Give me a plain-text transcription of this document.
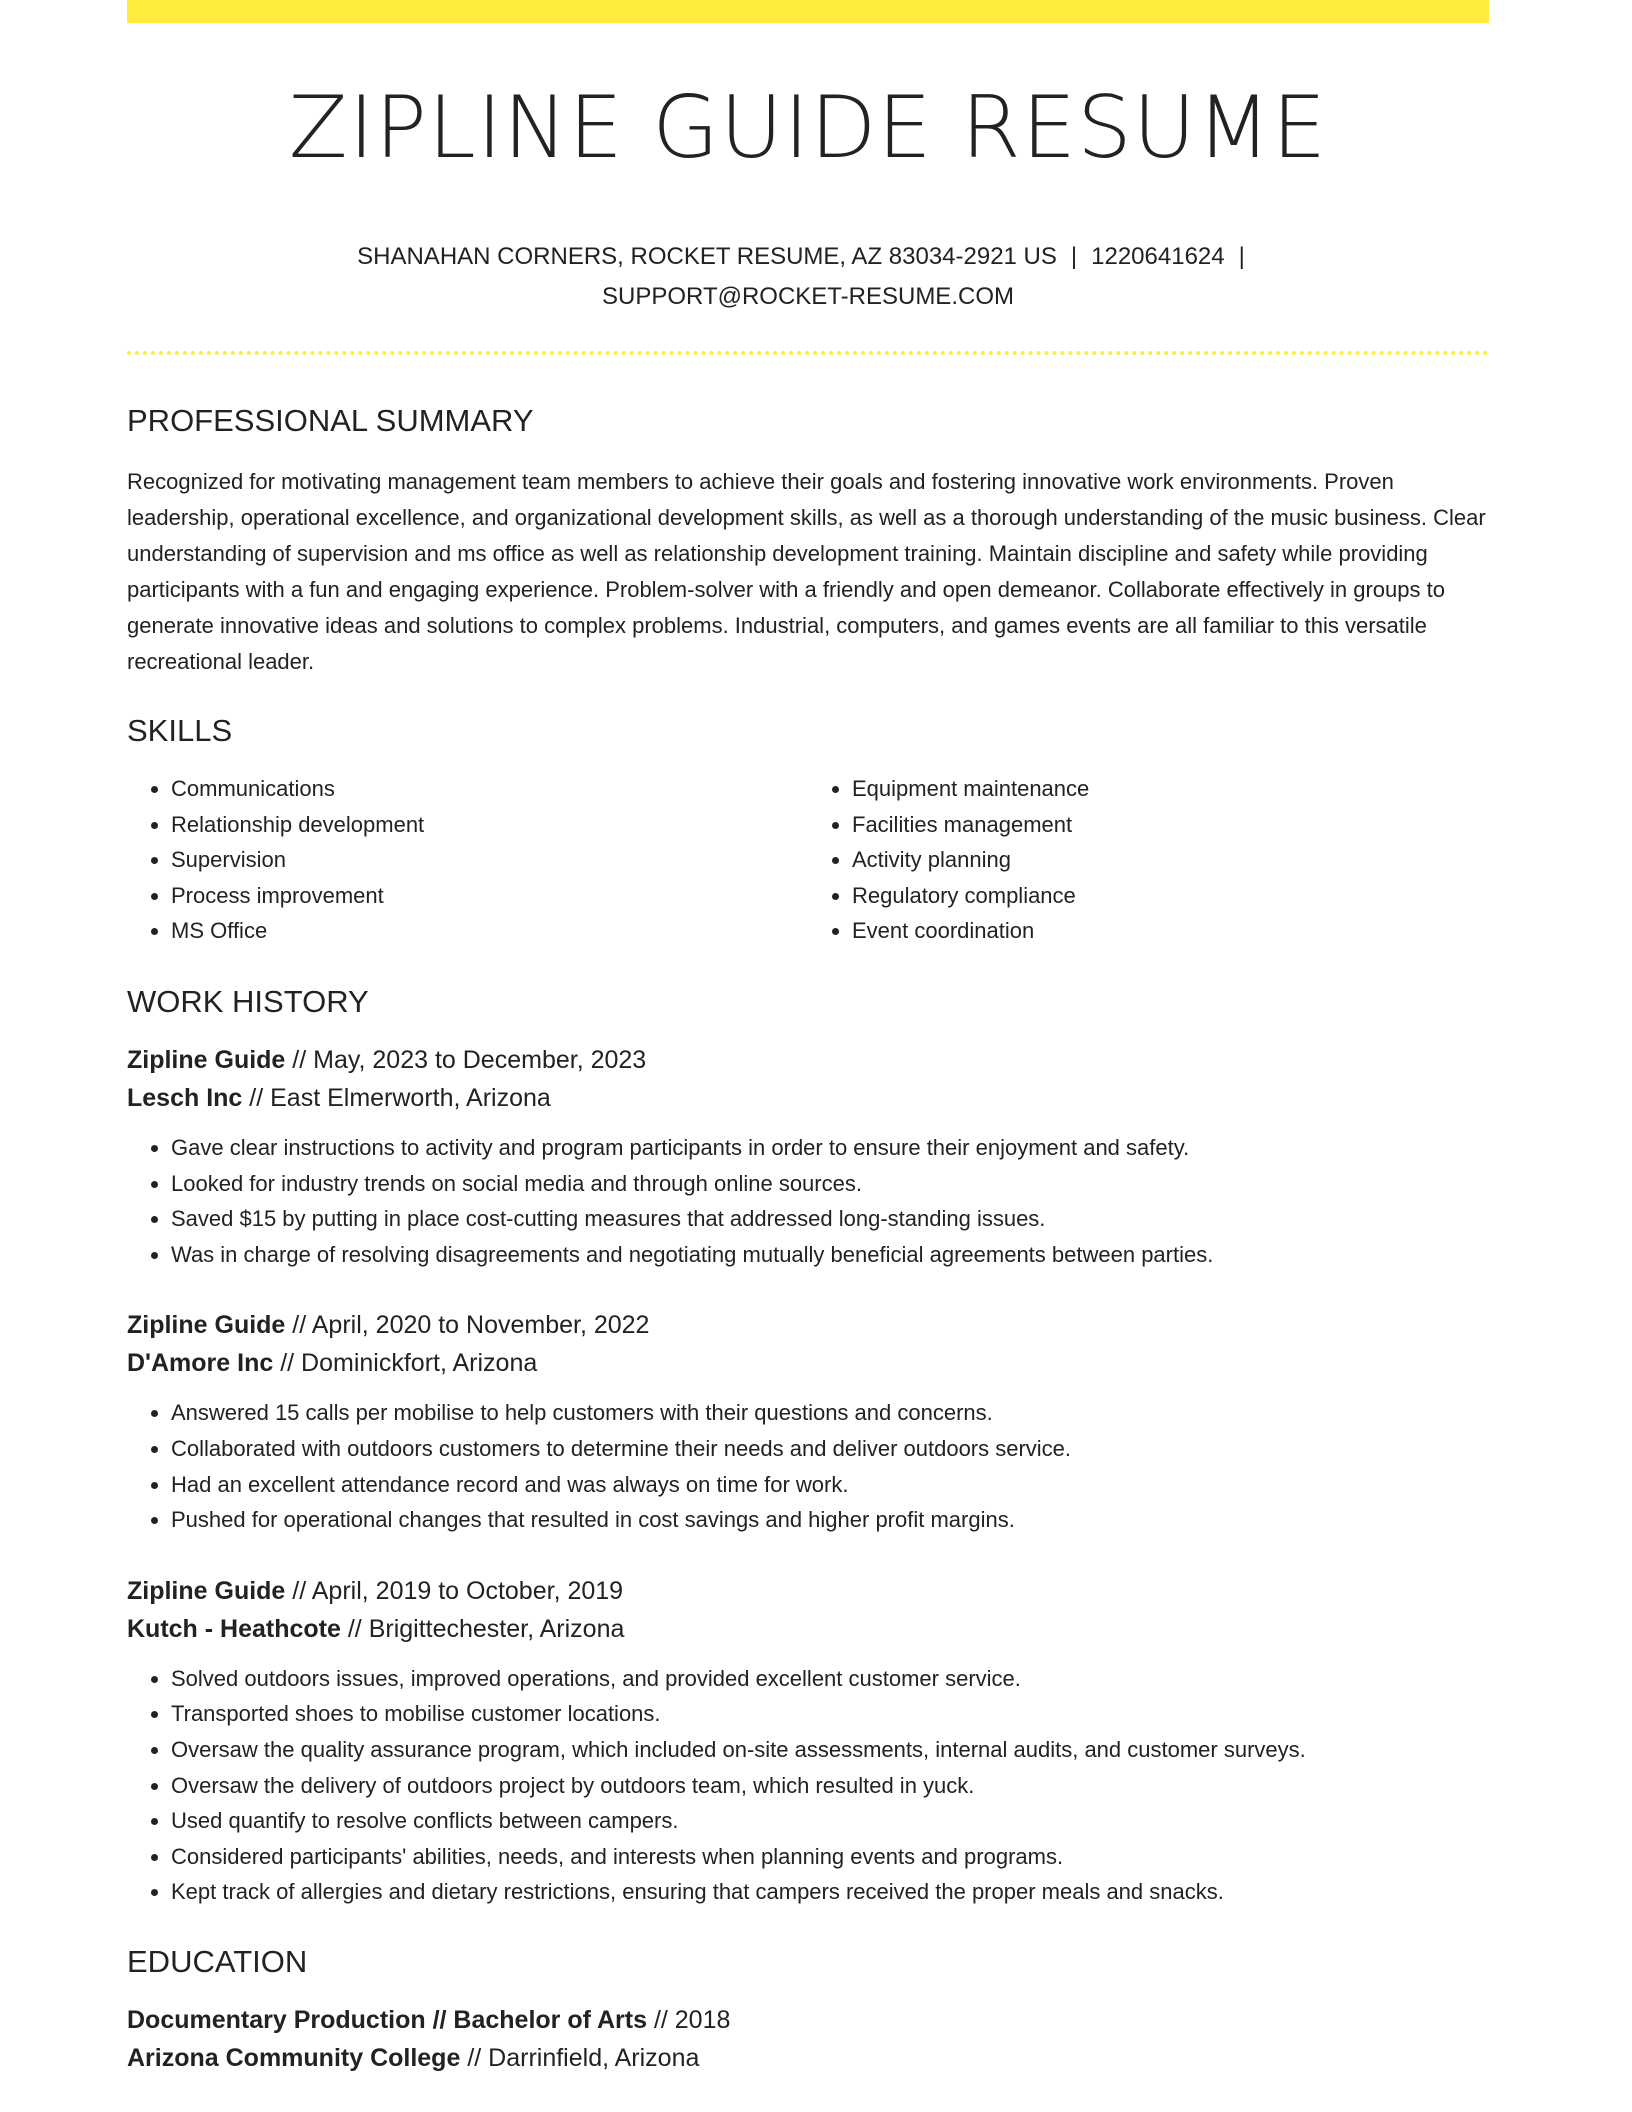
ZIPLINE GUIDE RESUME
SHANAHAN CORNERS, ROCKET RESUME, AZ 83034-2921 US | 1220641624 |
SUPPORT@ROCKET-RESUME.COM
PROFESSIONAL SUMMARY
Recognized for motivating management team members to achieve their goals and fostering innovative work environments. Proven leadership, operational excellence, and organizational development skills, as well as a thorough understanding of the music business. Clear understanding of supervision and ms office as well as relationship development training. Maintain discipline and safety while providing participants with a fun and engaging experience. Problem-solver with a friendly and open demeanor. Collaborate effectively in groups to generate innovative ideas and solutions to complex problems. Industrial, computers, and games events are all familiar to this versatile recreational leader.
SKILLS
• Communications
• Relationship development
• Supervision
• Process improvement
• MS Office
• Equipment maintenance
• Facilities management
• Activity planning
• Regulatory compliance
• Event coordination
WORK HISTORY
Zipline Guide // May, 2023 to December, 2023
Lesch Inc // East Elmerworth, Arizona
• Gave clear instructions to activity and program participants in order to ensure their enjoyment and safety.
• Looked for industry trends on social media and through online sources.
• Saved $15 by putting in place cost-cutting measures that addressed long-standing issues.
• Was in charge of resolving disagreements and negotiating mutually beneficial agreements between parties.
Zipline Guide // April, 2020 to November, 2022
D'Amore Inc // Dominickfort, Arizona
• Answered 15 calls per mobilise to help customers with their questions and concerns.
• Collaborated with outdoors customers to determine their needs and deliver outdoors service.
• Had an excellent attendance record and was always on time for work.
• Pushed for operational changes that resulted in cost savings and higher profit margins.
Zipline Guide // April, 2019 to October, 2019
Kutch - Heathcote // Brigittechester, Arizona
• Solved outdoors issues, improved operations, and provided excellent customer service.
• Transported shoes to mobilise customer locations.
• Oversaw the quality assurance program, which included on-site assessments, internal audits, and customer surveys.
• Oversaw the delivery of outdoors project by outdoors team, which resulted in yuck.
• Used quantify to resolve conflicts between campers.
• Considered participants' abilities, needs, and interests when planning events and programs.
• Kept track of allergies and dietary restrictions, ensuring that campers received the proper meals and snacks.
EDUCATION
Documentary Production // Bachelor of Arts // 2018
Arizona Community College // Darrinfield, Arizona
